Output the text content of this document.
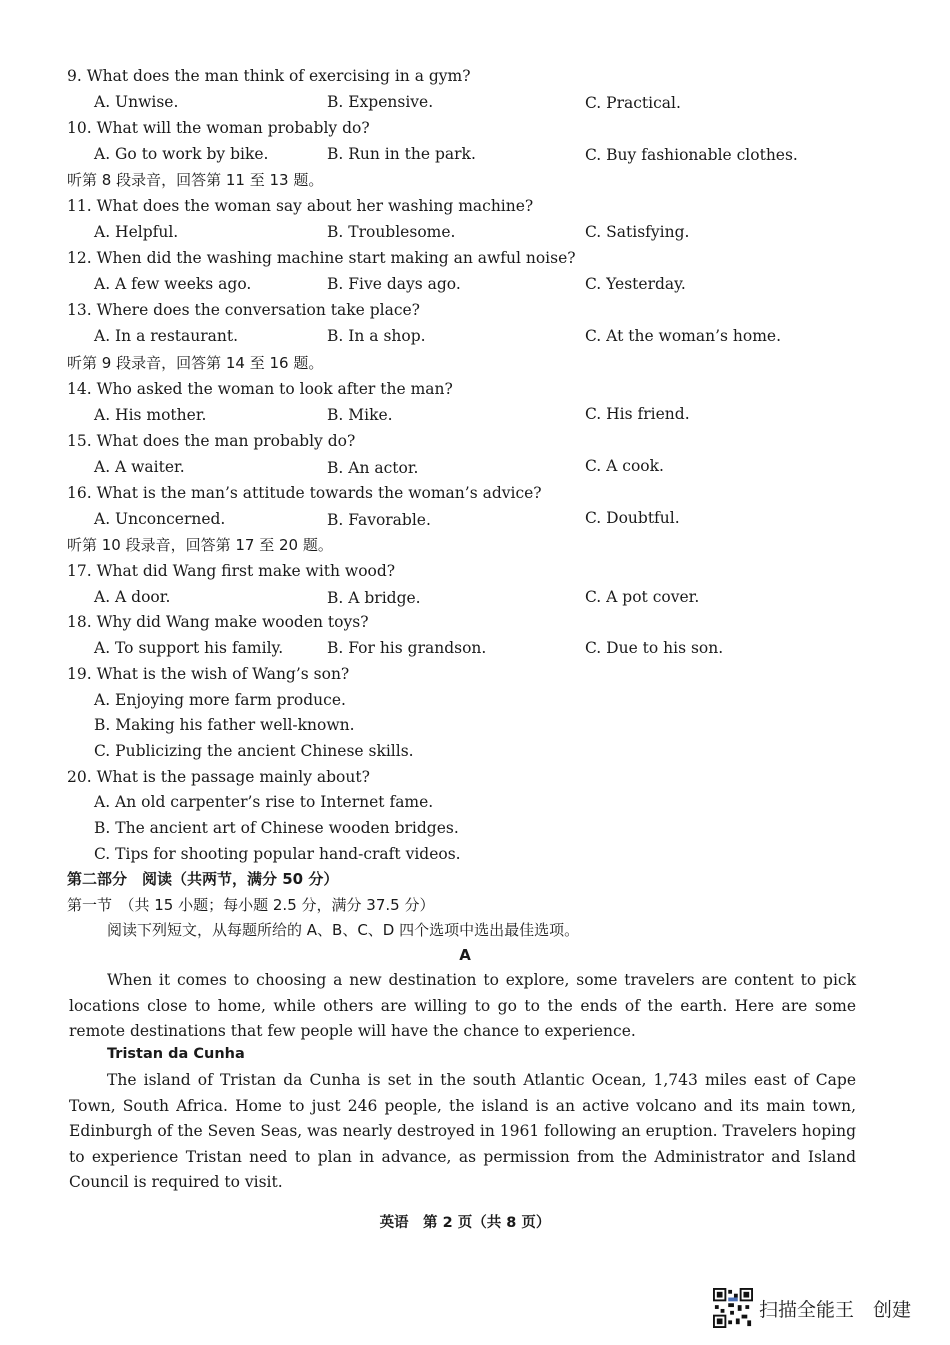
9. What does the man think of exercising in a gym?
A. Unwise.	B. Expensive.	C. Practical.
10. What will the woman probably do?
A. Go to work by bike.	B. Run in the park.	C. Buy fashionable clothes.
听第 8 段录音，回答第 11 至 13 题。
11. What does the woman say about her washing machine?
A. Helpful.	B. Troublesome.	C. Satisfying.
12. When did the washing machine start making an awful noise?
A. A few weeks ago.	B. Five days ago.	C. Yesterday.
13. Where does the conversation take place?
A. In a restaurant.	B. In a shop.	C. At the woman’s home.
听第 9 段录音，回答第 14 至 16 题。
14. Who asked the woman to look after the man?
A. His mother.	B. Mike.	C. His friend.
15. What does the man probably do?
A. A waiter.	B. An actor.	C. A cook.
16. What is the man’s attitude towards the woman’s advice?
A. Unconcerned.	B. Favorable.	C. Doubtful.
听第 10 段录音，回答第 17 至 20 题。
17. What did Wang first make with wood?
A. A door.	B. A bridge.	C. A pot cover.
18. Why did Wang make wooden toys?
A. To support his family.	B. For his grandson.	C. Due to his son.
19. What is the wish of Wang’s son?
A. Enjoying more farm produce.
B. Making his father well-known.
C. Publicizing the ancient Chinese skills.
20. What is the passage mainly about?
A. An old carpenter’s rise to Internet fame.
B. The ancient art of Chinese wooden bridges.
C. Tips for shooting popular hand-craft videos.
第二部分　阅读（共两节，满分 50 分）
第一节　（共 15 小题；每小题 2.5 分，满分 37.5 分）
阅读下列短文，从每题所给的 A、B、C、D 四个选项中选出最佳选项。
A
When it comes to choosing a new destination to explore, some travelers are content to pick locations close to home, while others are willing to go to the ends of the earth. Here are some remote destinations that few people will have the chance to experience.
Tristan da Cunha
The island of Tristan da Cunha is set in the south Atlantic Ocean, 1,743 miles east of Cape Town, South Africa. Home to just 246 people, the island is an active volcano and its main town, Edinburgh of the Seven Seas, was nearly destroyed in 1961 following an eruption. Travelers hoping to experience Tristan need to plan in advance, as permission from the Administrator and Island Council is required to visit.
英语　第 2 页（共 8 页）
扫描全能王　创建
